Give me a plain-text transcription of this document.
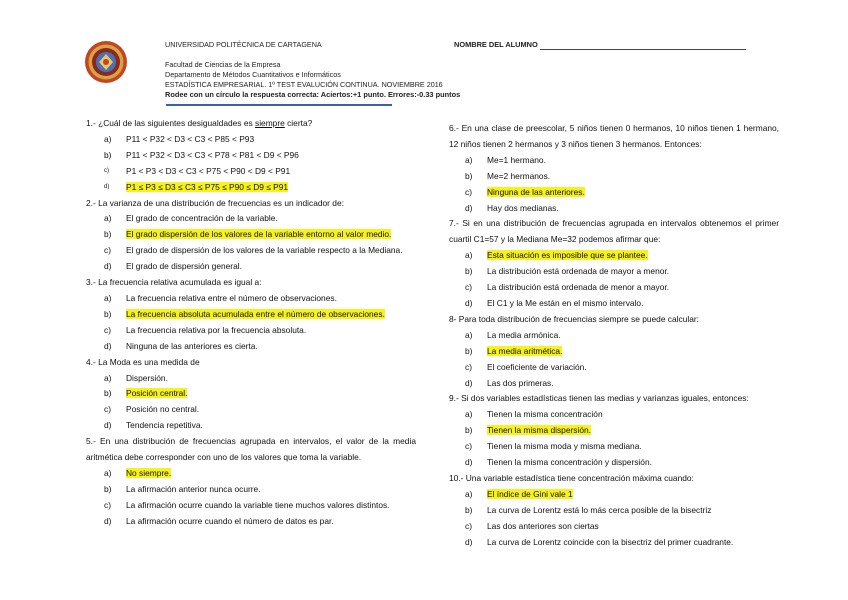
UNIVERSIDAD POLITÉCNICA DE CARTAGENA	NOMBRE DEL ALUMNO
Facultad de Ciencias de la Empresa
Departamento de Métodos Cuantitativos e Informáticos
ESTADÍSTICA EMPRESARIAL. 1º TEST EVALUCIÓN CONTINUA. NOVIEMBRE 2016
Rodee con un círculo la respuesta correcta: Aciertos:+1 punto. Errores:-0.33 puntos
1.- ¿Cuál de las siguientes desigualdades es siempre cierta?
a)	P11 < P32 < D3 < C3 < P85 < P93
b)	P11 < P32 < D3 < C3 < P78 < P81 < D9 < P96
c)	P1 < P3 < D3 < C3 < P75 < P90 < D9 < P91
d)	P1 ≤ P3 ≤ D3 ≤ C3 ≤ P75 ≤ P90 ≤ D9 ≤ P91
2.- La varianza de una distribución de frecuencias es un indicador de:
a)	El grado de concentración de la variable.
b)	El grado dispersión de los valores de la variable entorno al valor medio.
c)	El grado de dispersión de los valores de la variable respecto a la Mediana.
d)	El grado de dispersión general.
3.- La frecuencia relativa acumulada es igual a:
a)	La frecuencia relativa entre el número de observaciones.
b)	La frecuencia absoluta acumulada entre el número de observaciones.
c)	La frecuencia relativa por la frecuencia absoluta.
d)	Ninguna de las anteriores es cierta.
4.- La Moda es una medida de
a)	Dispersión.
b)	Posición central.
c)	Posición no central.
d)	Tendencia repetitiva.
5.- En una distribución de frecuencias agrupada en intervalos, el valor de la media aritmética debe corresponder con uno de los valores que toma la variable.
a)	No siempre.
b)	La afirmación anterior nunca ocurre.
c)	La afirmación ocurre cuando la variable tiene muchos valores distintos.
d)	La afirmación ocurre cuando el número de datos es par.
6.- En una clase de preescolar, 5 niños tienen 0 hermanos, 10 niños tienen 1 hermano, 12 niños tienen 2 hermanos y 3 niños tienen 3 hermanos. Entonces:
a)	Me=1 hermano.
b)	Me=2 hermanos.
c)	Ninguna de las anteriores.
d)	Hay dos medianas.
7.- Si en una distribución de frecuencias agrupada en intervalos obtenemos el primer cuartil C1=57 y la Mediana Me=32 podemos afirmar que:
a)	Esta situación es imposible que se plantee.
b)	La distribución está ordenada de mayor a menor.
c)	La distribución está ordenada de menor a mayor.
d)	El C1 y la Me están en el mismo intervalo.
8- Para toda distribución de frecuencias siempre se puede calcular:
a)	La media armónica.
b)	La media aritmética.
c)	El coeficiente de variación.
d)	Las dos primeras.
9.- Si dos variables estadísticas tienen las medias y varianzas iguales, entonces:
a)	Tienen la misma concentración
b)	Tienen la misma dispersión.
c)	Tienen la misma moda y misma mediana.
d)	Tienen la misma concentración y dispersión.
10.- Una variable estadística tiene concentración máxima cuando:
a)	El índice de Gini vale 1
b)	La curva de Lorentz está lo más cerca posible de la bisectriz
c)	Las dos anteriores son ciertas
d)	La curva de Lorentz coincide con la bisectriz del primer cuadrante.
